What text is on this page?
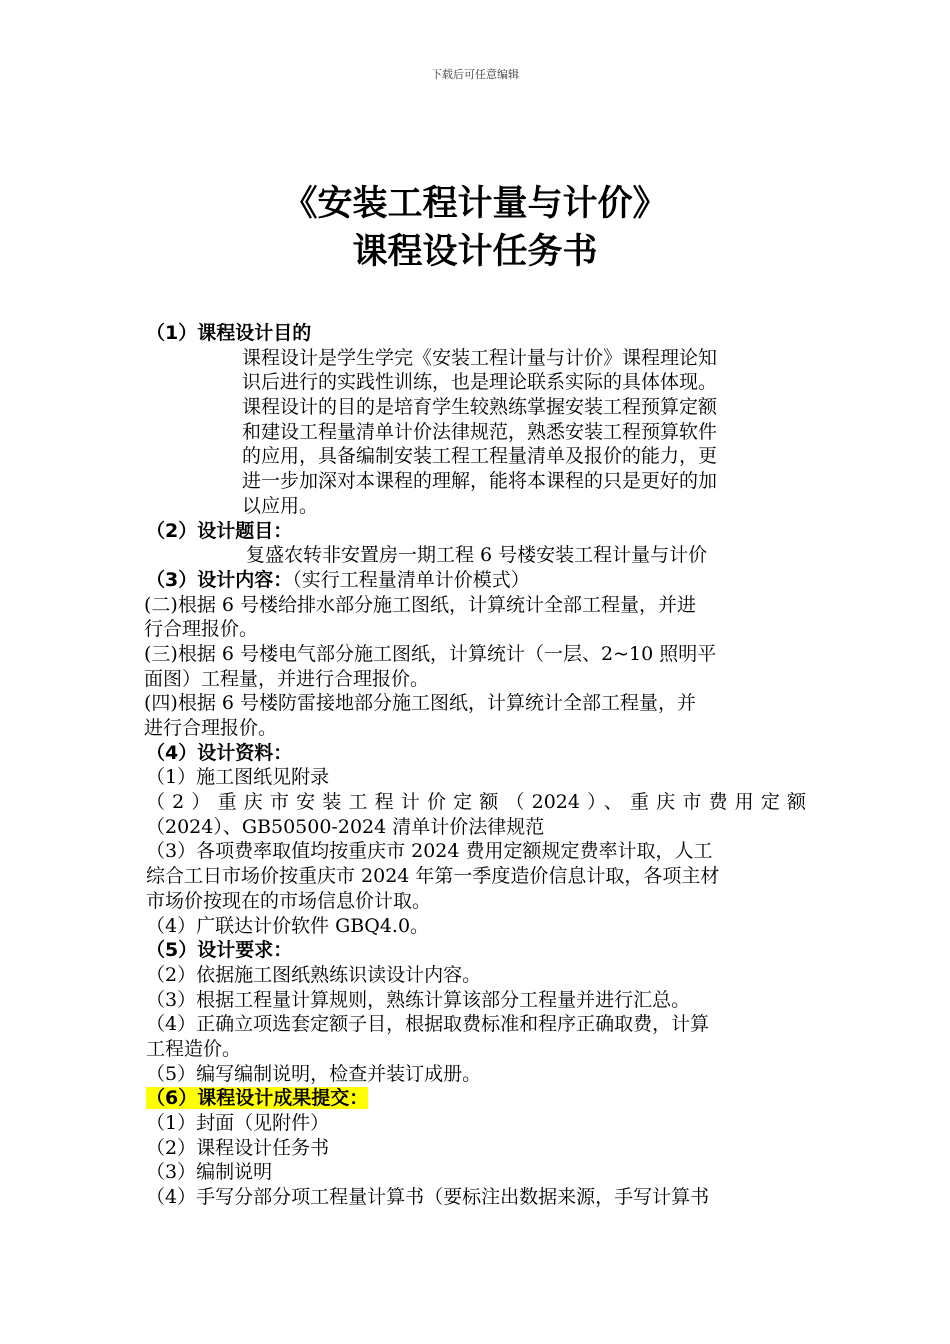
下载后可任意编辑
《安装工程计量与计价》
课程设计任务书
（1）课程设计目的
课程设计是学生学完《安装工程计量与计价》课程理论知
识后进行的实践性训练，也是理论联系实际的具体体现。
课程设计的目的是培育学生较熟练掌握安装工程预算定额
和建设工程量清单计价法律规范，熟悉安装工程预算软件
的应用，具备编制安装工程工程量清单及报价的能力，更
进一步加深对本课程的理解，能将本课程的只是更好的加
以应用。
（2）设计题目：
复盛农转非安置房一期工程 6 号楼安装工程计量与计价
（3）设计内容：（实行工程量清单计价模式）
(二)根据 6 号楼给排水部分施工图纸，计算统计全部工程量，并进
行合理报价。
(三)根据 6 号楼电气部分施工图纸，计算统计（一层、2~10 照明平
面图）工程量，并进行合理报价。
(四)根据 6 号楼防雷接地部分施工图纸，计算统计全部工程量，并
进行合理报价。
（4）设计资料：
（1）施工图纸见附录
（2）重庆市安装工程计价定额（2024）、重庆市费用定额
（2024）、GB50500-2024 清单计价法律规范
（3）各项费率取值均按重庆市 2024 费用定额规定费率计取，人工
综合工日市场价按重庆市 2024 年第一季度造价信息计取，各项主材
市场价按现在的市场信息价计取。
（4）广联达计价软件 GBQ4.0。
（5）设计要求：
（2）依据施工图纸熟练识读设计内容。
（3）根据工程量计算规则，熟练计算该部分工程量并进行汇总。
（4）正确立项选套定额子目，根据取费标准和程序正确取费，计算
工程造价。
（5）编写编制说明，检查并装订成册。
（6）课程设计成果提交：
（1）封面（见附件）
（2）课程设计任务书
（3）编制说明
（4）手写分部分项工程量计算书（要标注出数据来源，手写计算书
